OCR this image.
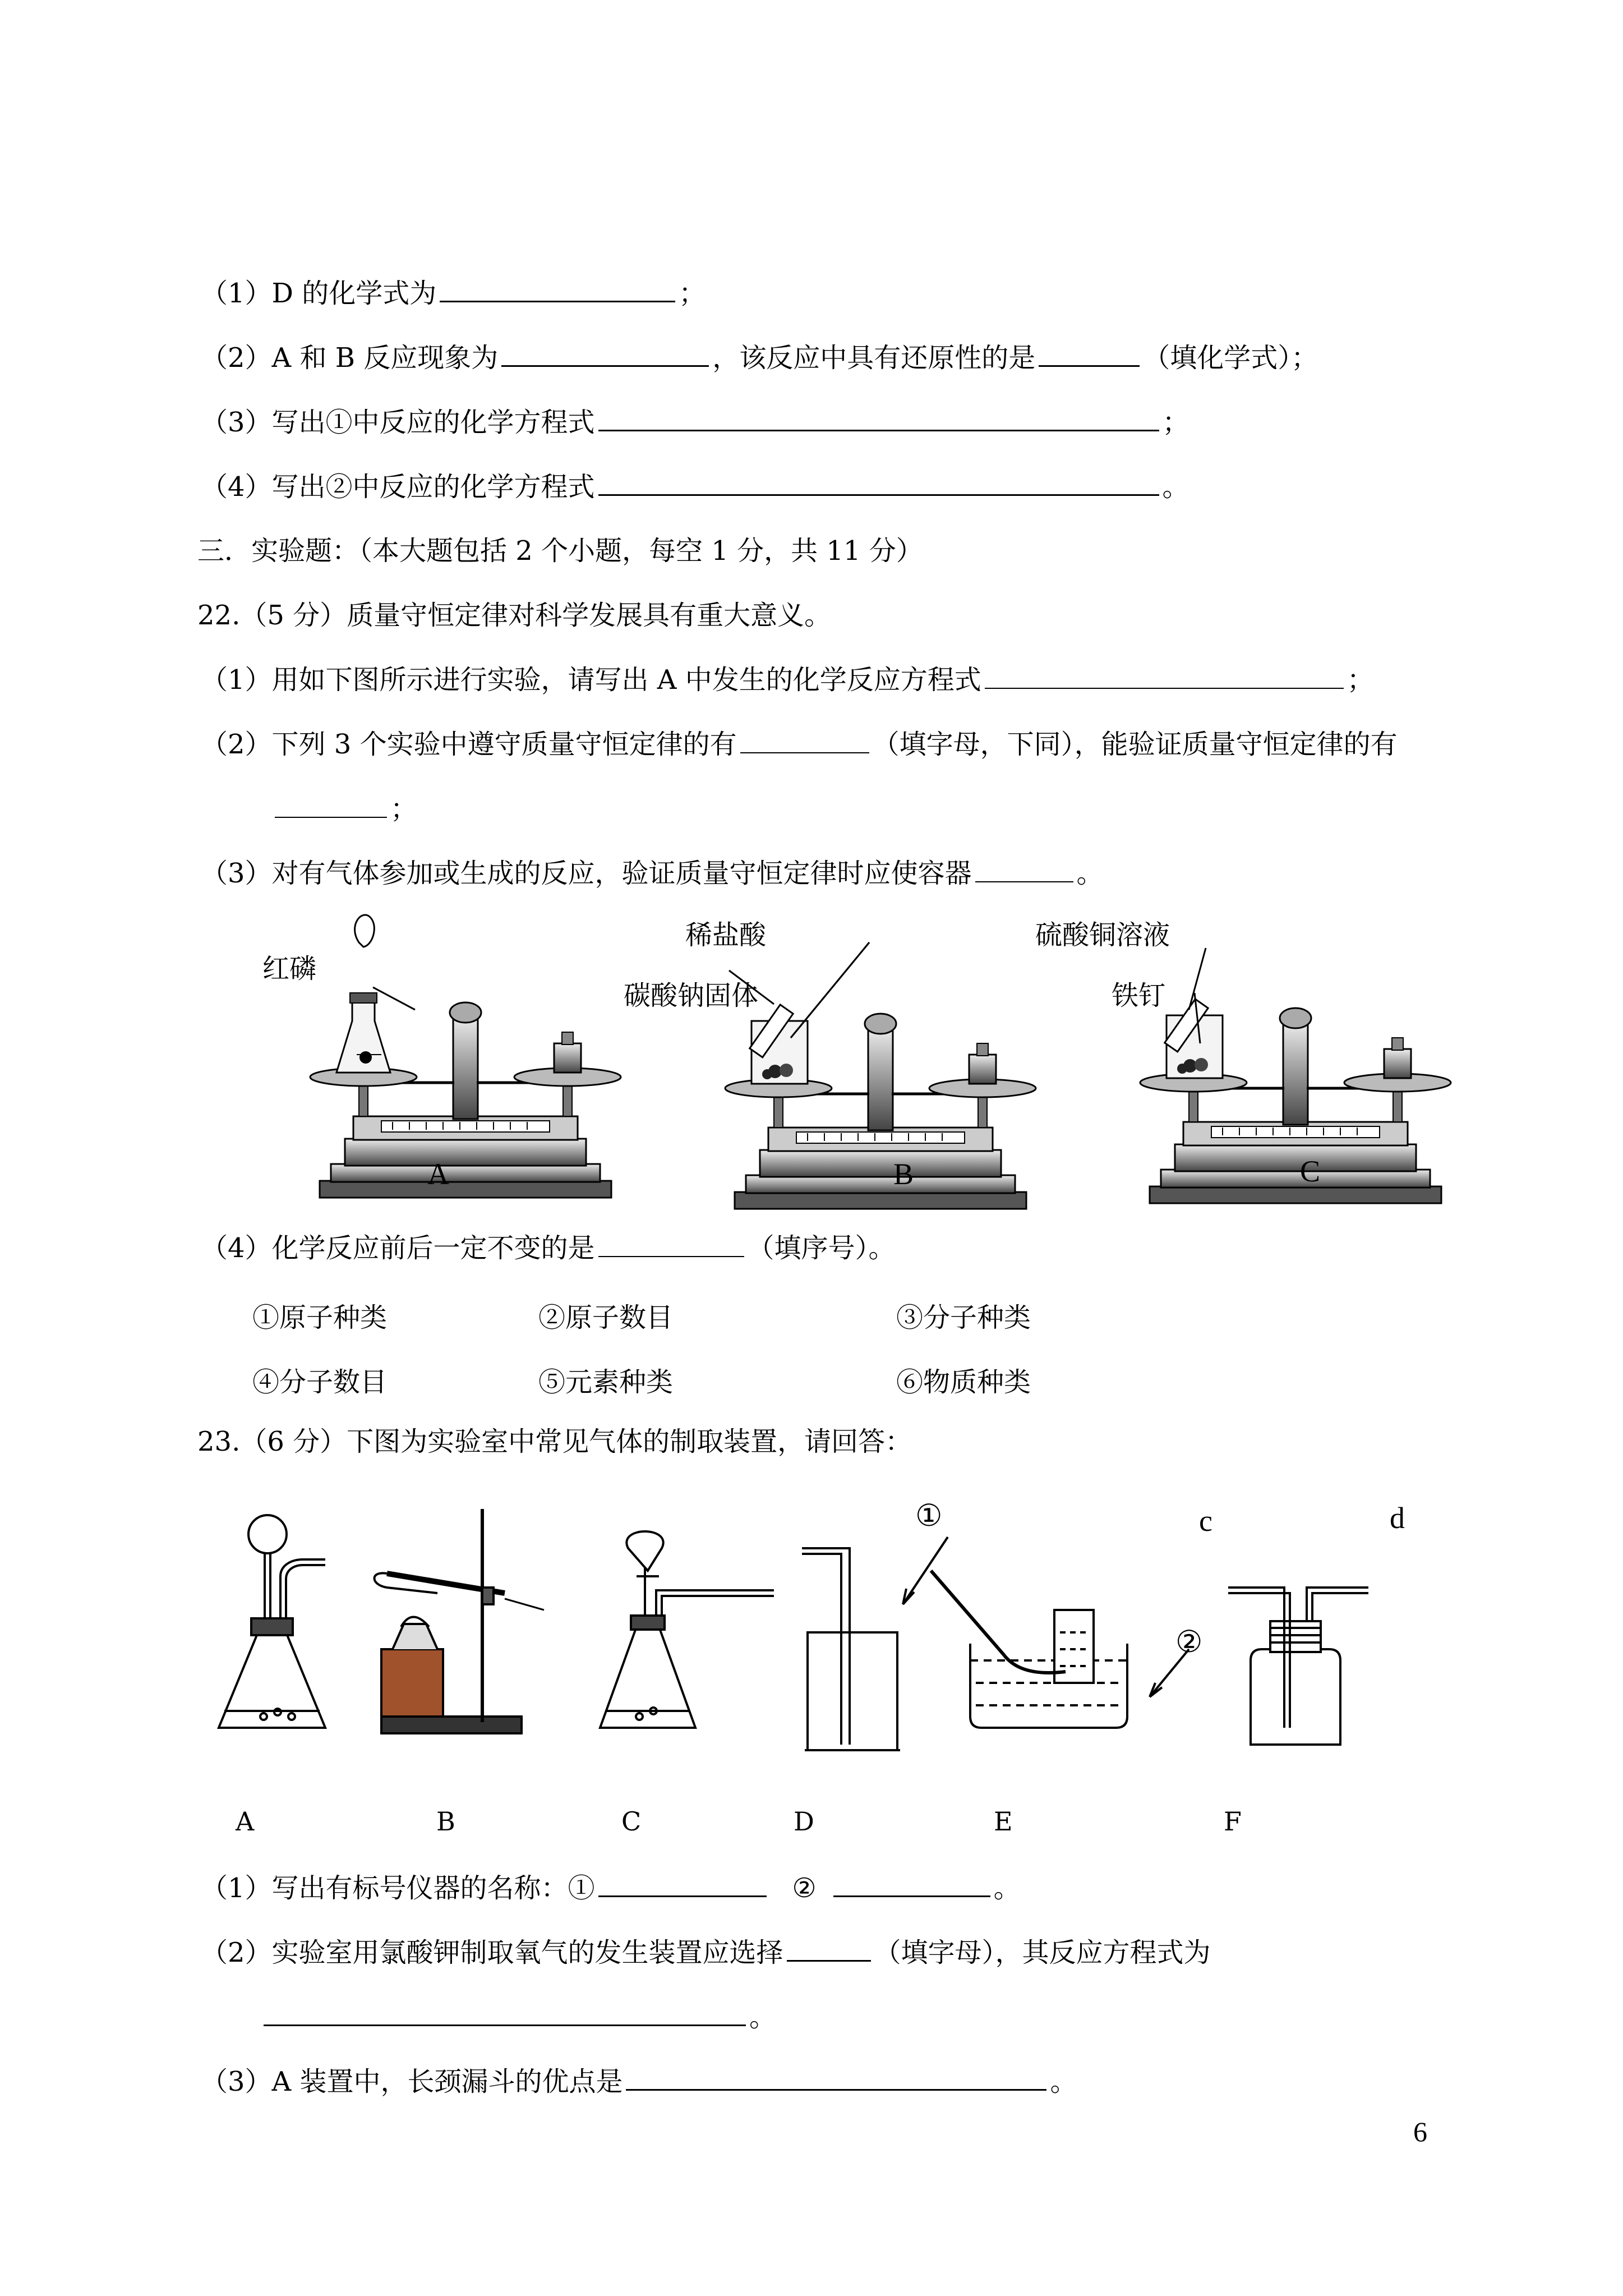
（1）D 的化学式为	；
（2）A 和 B 反应现象为	，该反应中具有还原性的是	（填化学式）；
（3）写出①中反应的化学方程式	；
（4）写出②中反应的化学方程式	。
三．实验题：（本大题包括 2 个小题，每空 1 分，共 11 分）
22.（5 分）质量守恒定律对科学发展具有重大意义。
（1）用如下图所示进行实验，请写出 A 中发生的化学反应方程式	；
（2）下列 3 个实验中遵守质量守恒定律的有	（填字母，下同），能验证质量守恒定律的有
；
（3）对有气体参加或生成的反应，验证质量守恒定律时应使容器	。
红磷
稀盐酸
碳酸钠固体
硫酸铜溶液
铁钉
A	B	C
（4）化学反应前后一定不变的是	（填序号）。
①原子种类	②原子数目	③分子种类
④分子数目	⑤元素种类	⑥物质种类
23.（6 分）下图为实验室中常见气体的制取装置，请回答：
①
②
c	d
A	B	C	D	E	F
（1）写出有标号仪器的名称：①	②	。
（2）实验室用氯酸钾制取氧气的发生装置应选择	（填字母），其反应方程式为
。
（3）A 装置中，长颈漏斗的优点是	。
6
